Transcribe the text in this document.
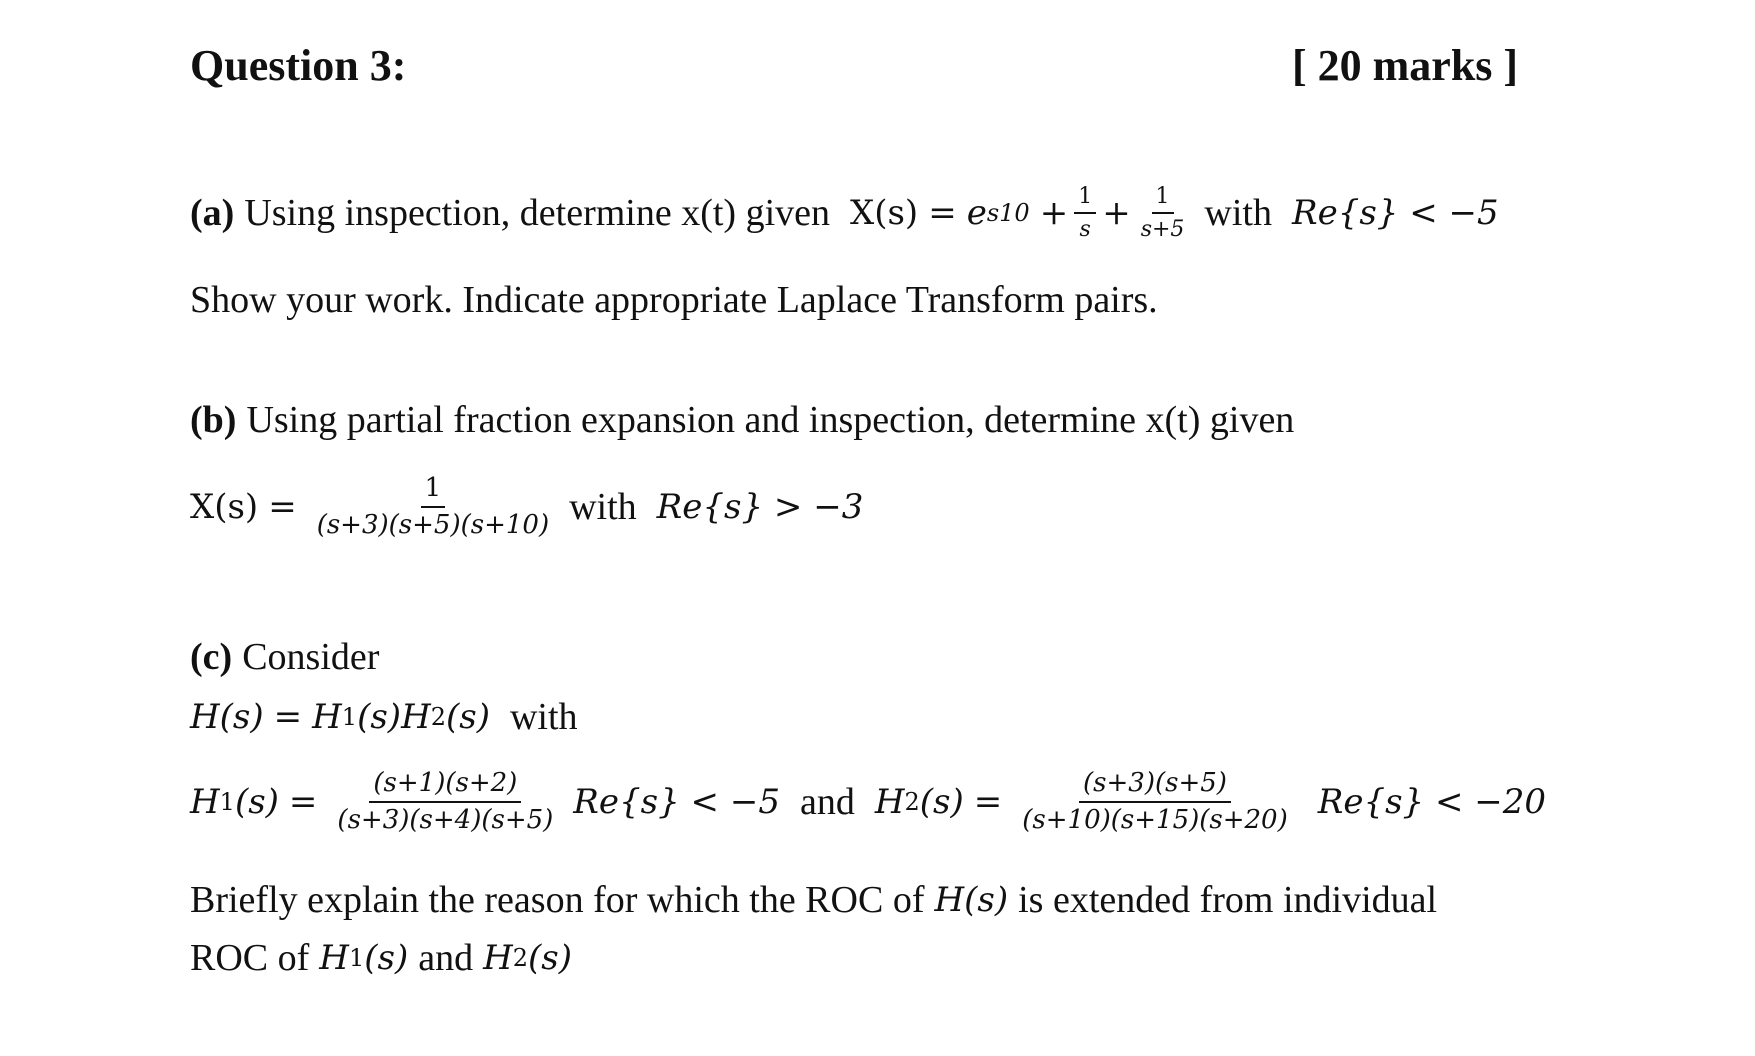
Question 3:	[ 20 marks ]
(a) Using inspection, determine x(t) given X(s) = e $s10 + \frac{1}{s} + \frac{1}{s+5}$ with Re{s} < −5
Show your work. Indicate appropriate Laplace Transform pairs.
(b) Using partial fraction expansion and inspection, determine x(t) given
$X(s) = \frac{1}{(s+3)(s+5)(s+10)}$ with Re{s} > −3
(c) Consider
H(s) = H 1 (s) H 2 (s) with
H 1 $(s) = \frac{(s+1)(s+2)}{(s+3)(s+4)(s+5)} Re\{s\} < -5$ and H 2 $(s) = \frac{(s+3)(s+5)}{(s+10)(s+15)(s+20)} Re\{s\} < -20$
Briefly explain the reason for which the ROC of H(s) is extended from individual
ROC of H 1 (s) and H 2 (s)
